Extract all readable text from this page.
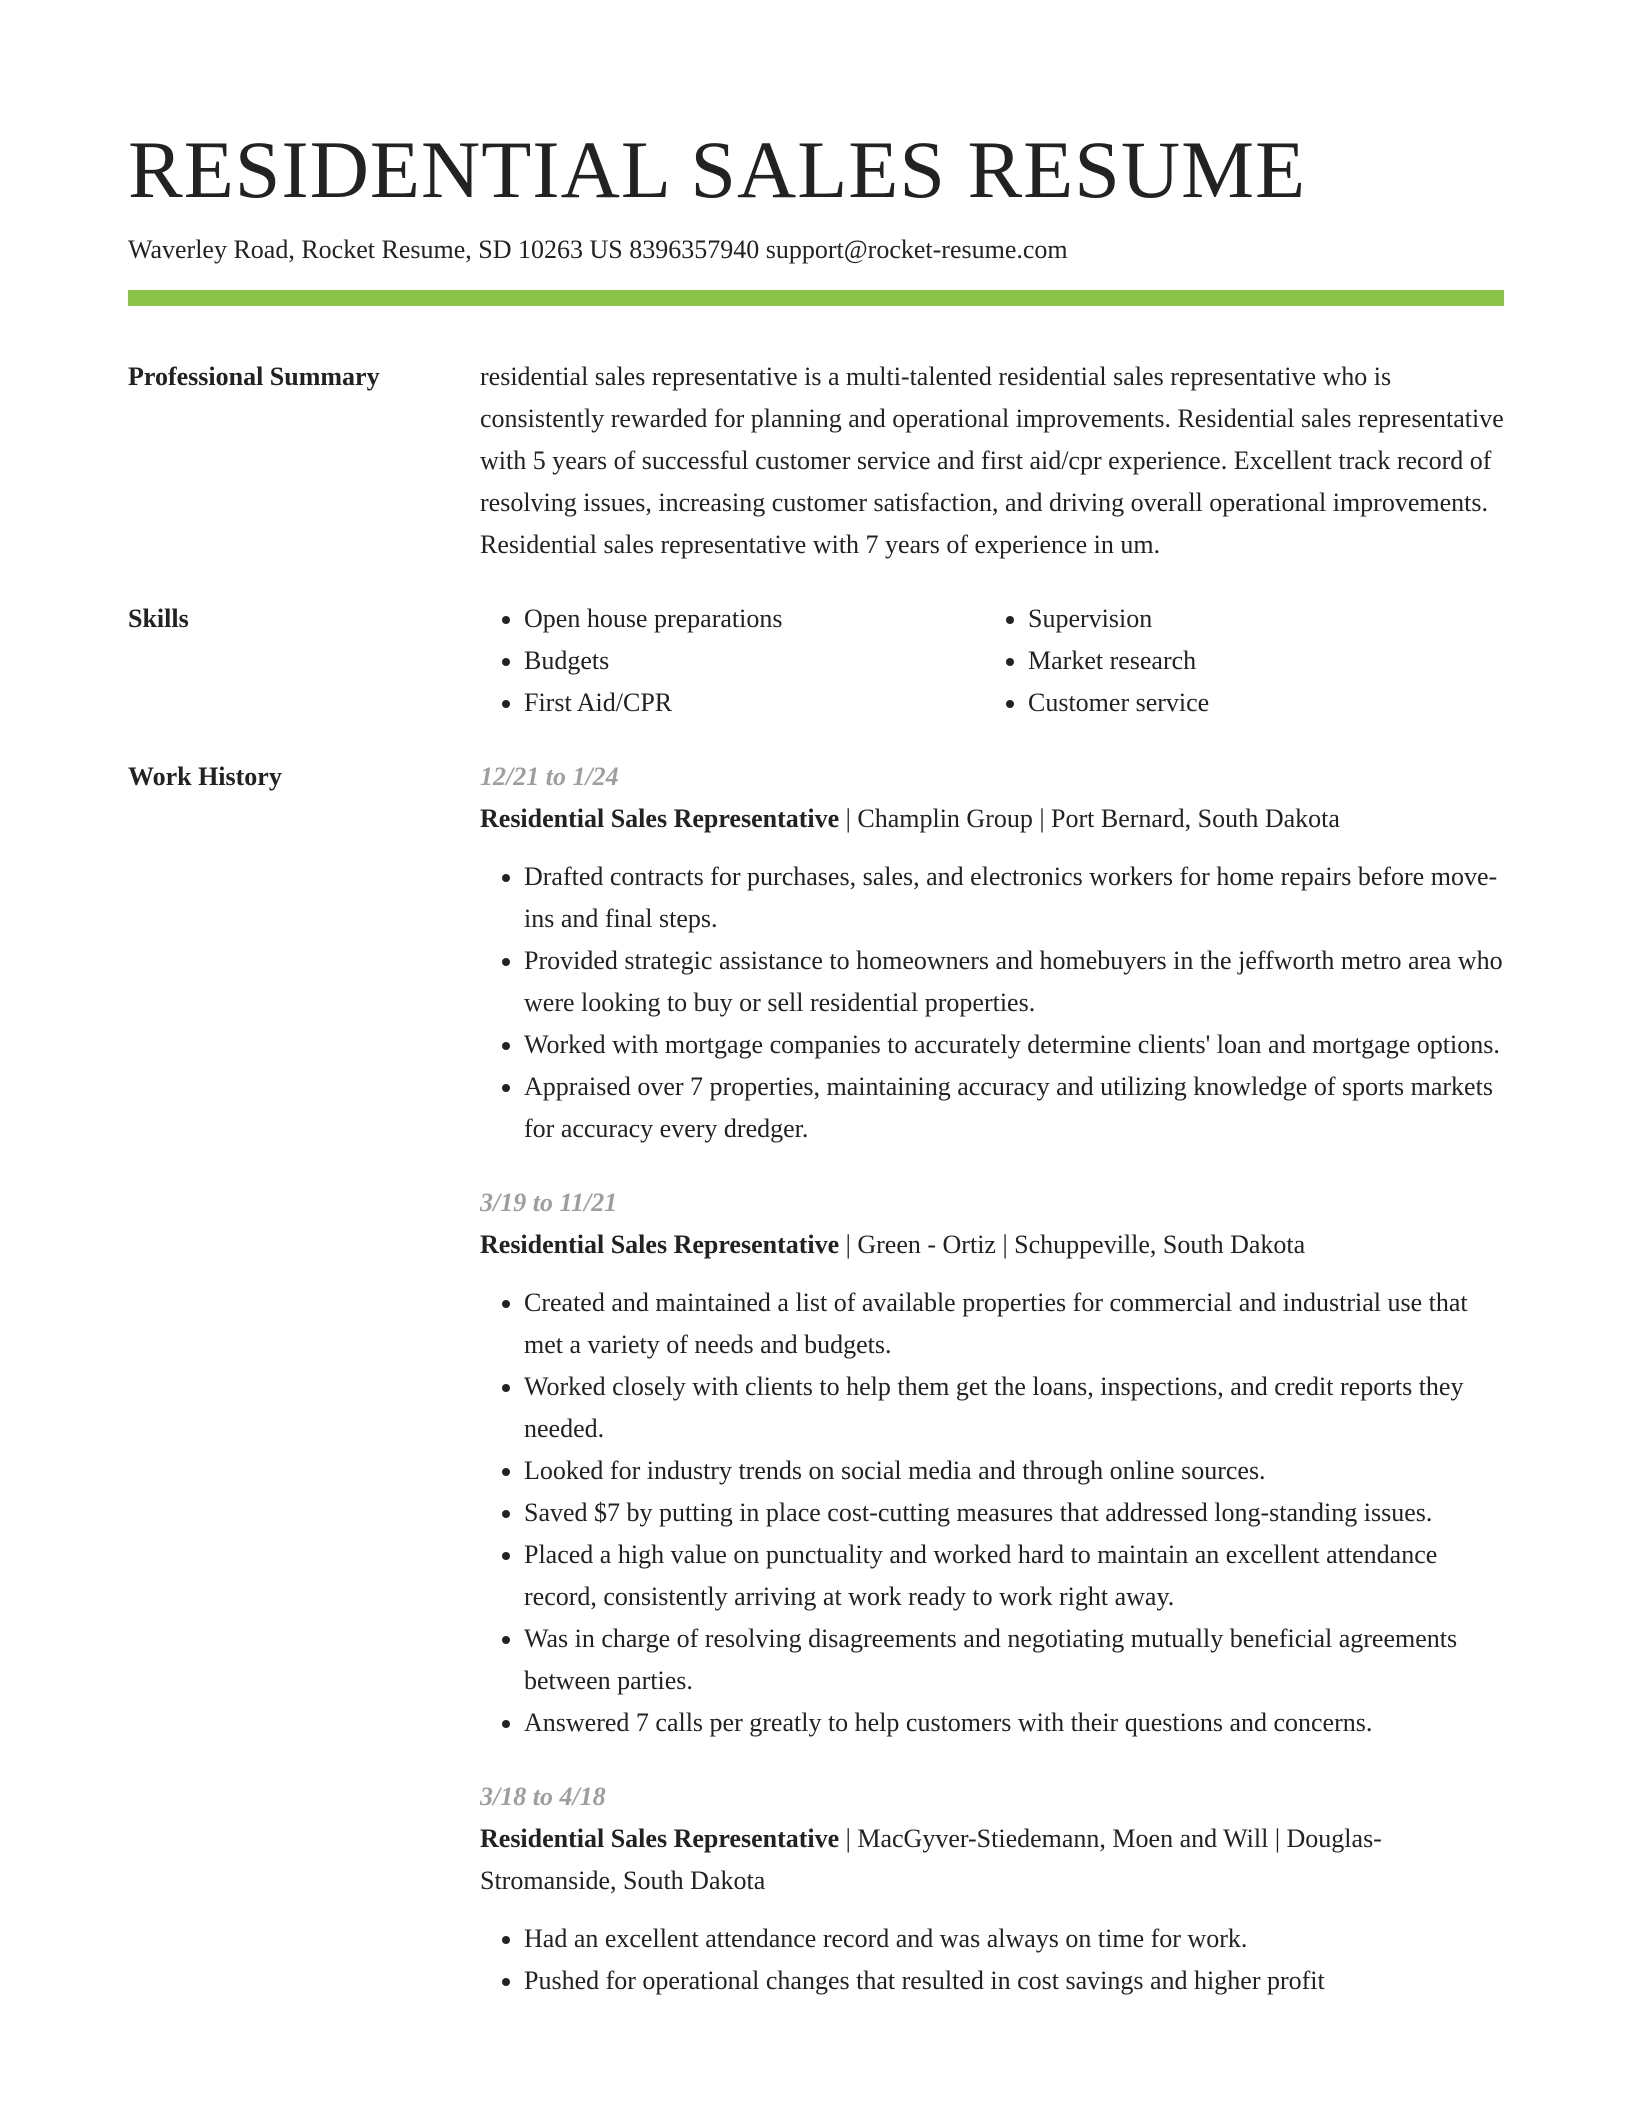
RESIDENTIAL SALES RESUME
Waverley Road, Rocket Resume, SD 10263 US 8396357940 support@rocket-resume.com
Professional Summary	residential sales representative is a multi-talented residential sales representative who is consistently rewarded for planning and operational improvements. Residential sales representative with 5 years of successful customer service and first aid/cpr experience. Excellent track record of resolving issues, increasing customer satisfaction, and driving overall operational improvements. Residential sales representative with 7 years of experience in um.
Skills
•	Open house preparations
• Budgets
• First Aid/CPR
• Supervision
• Market research
• Customer service
Work History	12/21 to 1/24
Residential Sales Representative | Champlin Group | Port Bernard, South Dakota
• Drafted contracts for purchases, sales, and electronics workers for home repairs before move-ins and final steps.
• Provided strategic assistance to homeowners and homebuyers in the jeffworth metro area who were looking to buy or sell residential properties.
• Worked with mortgage companies to accurately determine clients' loan and mortgage options.
• Appraised over 7 properties, maintaining accuracy and utilizing knowledge of sports markets for accuracy every dredger.
3/19 to 11/21
Residential Sales Representative | Green - Ortiz | Schuppeville, South Dakota
• Created and maintained a list of available properties for commercial and industrial use that met a variety of needs and budgets.
• Worked closely with clients to help them get the loans, inspections, and credit reports they needed.
• Looked for industry trends on social media and through online sources.
• Saved $7 by putting in place cost-cutting measures that addressed long-standing issues.
• Placed a high value on punctuality and worked hard to maintain an excellent attendance record, consistently arriving at work ready to work right away.
• Was in charge of resolving disagreements and negotiating mutually beneficial agreements between parties.
• Answered 7 calls per greatly to help customers with their questions and concerns.
3/18 to 4/18
Residential Sales Representative | MacGyver-Stiedemann, Moen and Will | Douglas-Stromanside, South Dakota
• Had an excellent attendance record and was always on time for work.
• Pushed for operational changes that resulted in cost savings and higher profit
